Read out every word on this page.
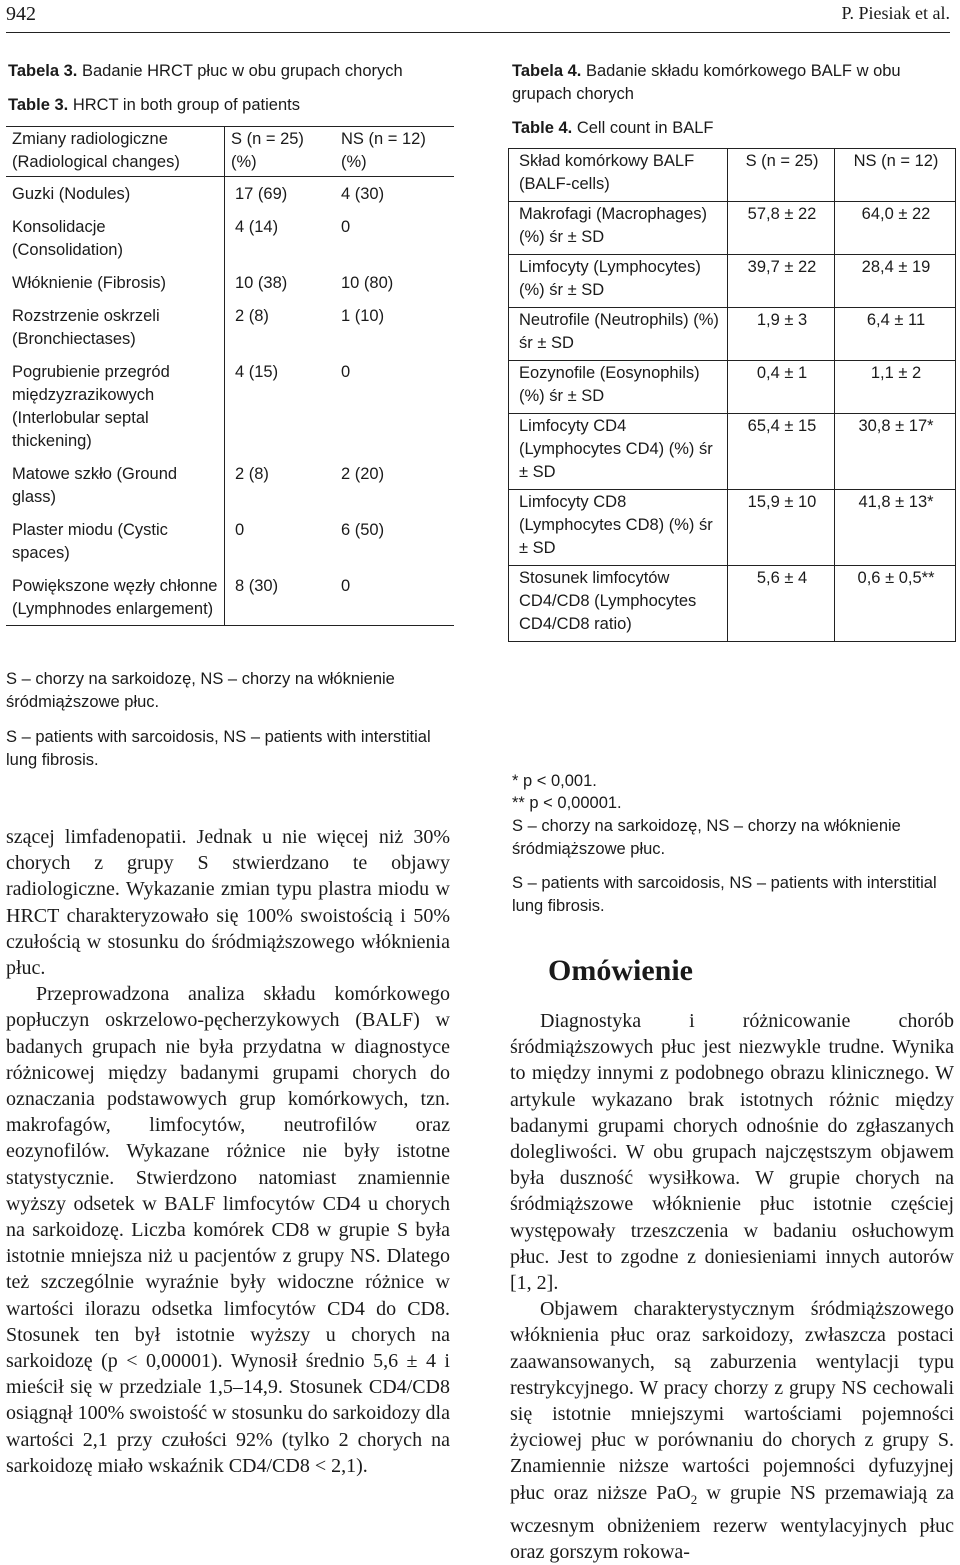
942	P. Piesiak et al.
Tabela 3. Badanie HRCT płuc w obu grupach chorych
Table 3. HRCT in both group of patients
Zmiany radiologiczne (Radiological changes)	S (n = 25) (%)	NS (n = 12) (%)
Guzki (Nodules)	17 (69)	4 (30)
Konsolidacje (Consolidation)	4 (14)	0
Włóknienie (Fibrosis)	10 (38)	10 (80)
Rozstrzenie oskrzeli (Bronchiectases)	2 (8)	1 (10)
Pogrubienie przegród międzyzrazikowych (Interlobular septal thickening)	4 (15)	0
Matowe szkło (Ground glass)	2 (8)	2 (20)
Plaster miodu (Cystic spaces)	0	6 (50)
Powiększone węzły chłonne (Lymphnodes enlargement)	8 (30)	0
S – chorzy na sarkoidozę, NS – chorzy na włóknienie śródmiąższowe płuc.
S – patients with sarcoidosis, NS – patients with interstitial lung fibrosis.
Tabela 4. Badanie składu komórkowego BALF w obu grupach chorych
Table 4. Cell count in BALF
Skład komórkowy BALF (BALF-cells)	S (n = 25)	NS (n = 12)
Makrofagi (Macrophages) (%) śr ± SD	57,8 ± 22	64,0 ± 22
Limfocyty (Lymphocytes) (%) śr ± SD	39,7 ± 22	28,4 ± 19
Neutrofile (Neutrophils) (%) śr ± SD	1,9 ± 3	6,4 ± 11
Eozynofile (Eosynophils) (%) śr ± SD	0,4 ± 1	1,1 ± 2
Limfocyty CD4 (Lymphocytes CD4) (%) śr ± SD	65,4 ± 15	30,8 ± 17*
Limfocyty CD8 (Lymphocytes CD8) (%) śr ± SD	15,9 ± 10	41,8 ± 13*
Stosunek limfocytów CD4/CD8 (Lymphocytes CD4/CD8 ratio)	5,6 ± 4	0,6 ± 0,5**
* p < 0,001.
** p < 0,00001.
S – chorzy na sarkoidozę, NS – chorzy na włóknienie śródmiąższowe płuc.
S – patients with sarcoidosis, NS – patients with interstitial lung fibrosis.

szącej limfadenopatii. Jednak u nie więcej niż 30% chorych z grupy S stwierdzano te objawy radiologiczne. Wykazanie zmian typu plastra miodu w HRCT charakteryzowało się 100% swoistością i 50% czułością w stosunku do śródmiąższowego włóknienia płuc.

Przeprowadzona analiza składu komórkowego popłuczyn oskrzelowo-pęcherzykowych (BALF) w badanych grupach nie była przydatna w diagnostyce różnicowej między badanymi grupami chorych do oznaczania podstawowych grup komórkowych, tzn. makrofagów, limfocytów, neutrofilów oraz eozynofilów. Wykazane różnice nie były istotne statystycznie. Stwierdzono natomiast znamiennie wyższy odsetek w BALF limfocytów CD4 u chorych na sarkoidozę. Liczba komórek CD8 w grupie S była istotnie mniejsza niż u pacjentów z grupy NS. Dlatego też szczególnie wyraźnie były widoczne różnice w wartości ilorazu odsetka limfocytów CD4 do CD8. Stosunek ten był istotnie wyższy u chorych na sarkoidozę (p < 0,00001). Wynosił średnio 5,6 ± 4 i mieścił się w przedziale 1,5–14,9. Stosunek CD4/CD8 osiągnął 100% swoistość w stosunku do sarkoidozy dla wartości 2,1 przy czułości 92% (tylko 2 chorych na sarkoidozę miało wskaźnik CD4/CD8 < 2,1).

Omówienie

Diagnostyka i różnicowanie chorób śródmiąższowych płuc jest niezwykle trudne. Wynika to między innymi z podobnego obrazu klinicznego. W artykule wykazano brak istotnych różnic między badanymi grupami chorych odnośnie do zgłaszanych dolegliwości. W obu grupach najczęstszym objawem była duszność wysiłkowa. W grupie chorych na śródmiąższowe włóknienie płuc istotnie częściej występowały trzeszczenia w badaniu osłuchowym płuc. Jest to zgodne z doniesieniami innych autorów [1, 2].

Objawem charakterystycznym śródmiąższowego włóknienia płuc oraz sarkoidozy, zwłaszcza postaci zaawansowanych, są zaburzenia wentylacji typu restrykcyjnego. W pracy chorzy z grupy NS cechowali się istotnie mniejszymi wartościami pojemności życiowej płuc w porównaniu do chorych z grupy S. Znamiennie niższe wartości pojemności dyfuzyjnej płuc oraz niższe PaO$_2$ w grupie NS przemawiają za wczesnym obniżeniem rezerw wentylacyjnych płuc oraz gorszym rokowa-
